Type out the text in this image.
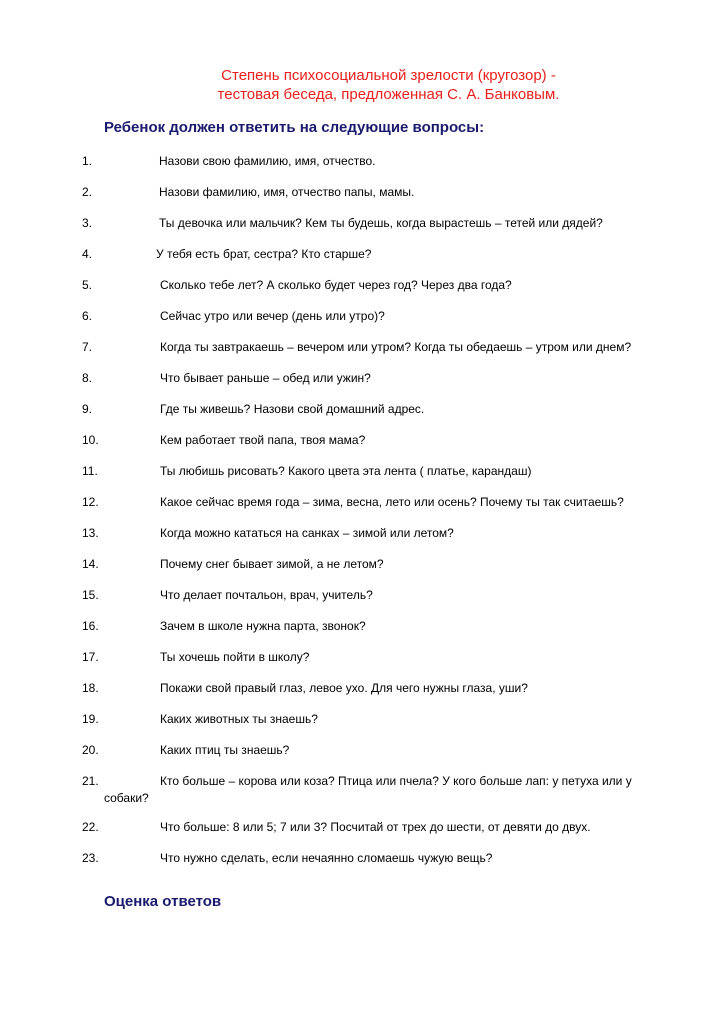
Степень психосоциальной зрелости (кругозор) -
тестовая беседа, предложенная С. А. Банковым.
Ребенок должен ответить на следующие вопросы:
1.	Назови свою фамилию, имя, отчество.
2.	Назови фамилию, имя, отчество папы, мамы.
3.	Ты девочка или мальчик? Кем ты будешь, когда вырастешь – тетей или дядей?
4.	У тебя есть брат, сестра? Кто старше?
5.	Сколько тебе лет? А сколько будет через год? Через два года?
6.	Сейчас утро или вечер (день или утро)?
7.	Когда ты завтракаешь – вечером или утром? Когда ты обедаешь – утром или днем?
8.	Что бывает раньше – обед или ужин?
9.	Где ты живешь? Назови свой домашний адрес.
10.	Кем работает твой папа, твоя мама?
11.	Ты любишь рисовать? Какого цвета эта лента ( платье, карандаш)
12.	Какое сейчас время года – зима, весна, лето или осень? Почему ты так считаешь?
13.	Когда можно кататься на санках – зимой или летом?
14.	Почему снег бывает зимой, а не летом?
15.	Что делает почтальон, врач, учитель?
16.	Зачем в школе нужна парта, звонок?
17.	Ты хочешь пойти в школу?
18.	Покажи свой правый глаз, левое ухо. Для чего нужны глаза, уши?
19.	Каких животных ты знаешь?
20.	Каких птиц ты знаешь?
21.	Кто больше – корова или коза? Птица или пчела? У кого больше лап: у петуха или у
собаки?
22.	Что больше: 8 или 5; 7 или 3? Посчитай от трех до шести, от девяти до двух.
23.	Что нужно сделать, если нечаянно сломаешь чужую вещь?
Оценка ответов
